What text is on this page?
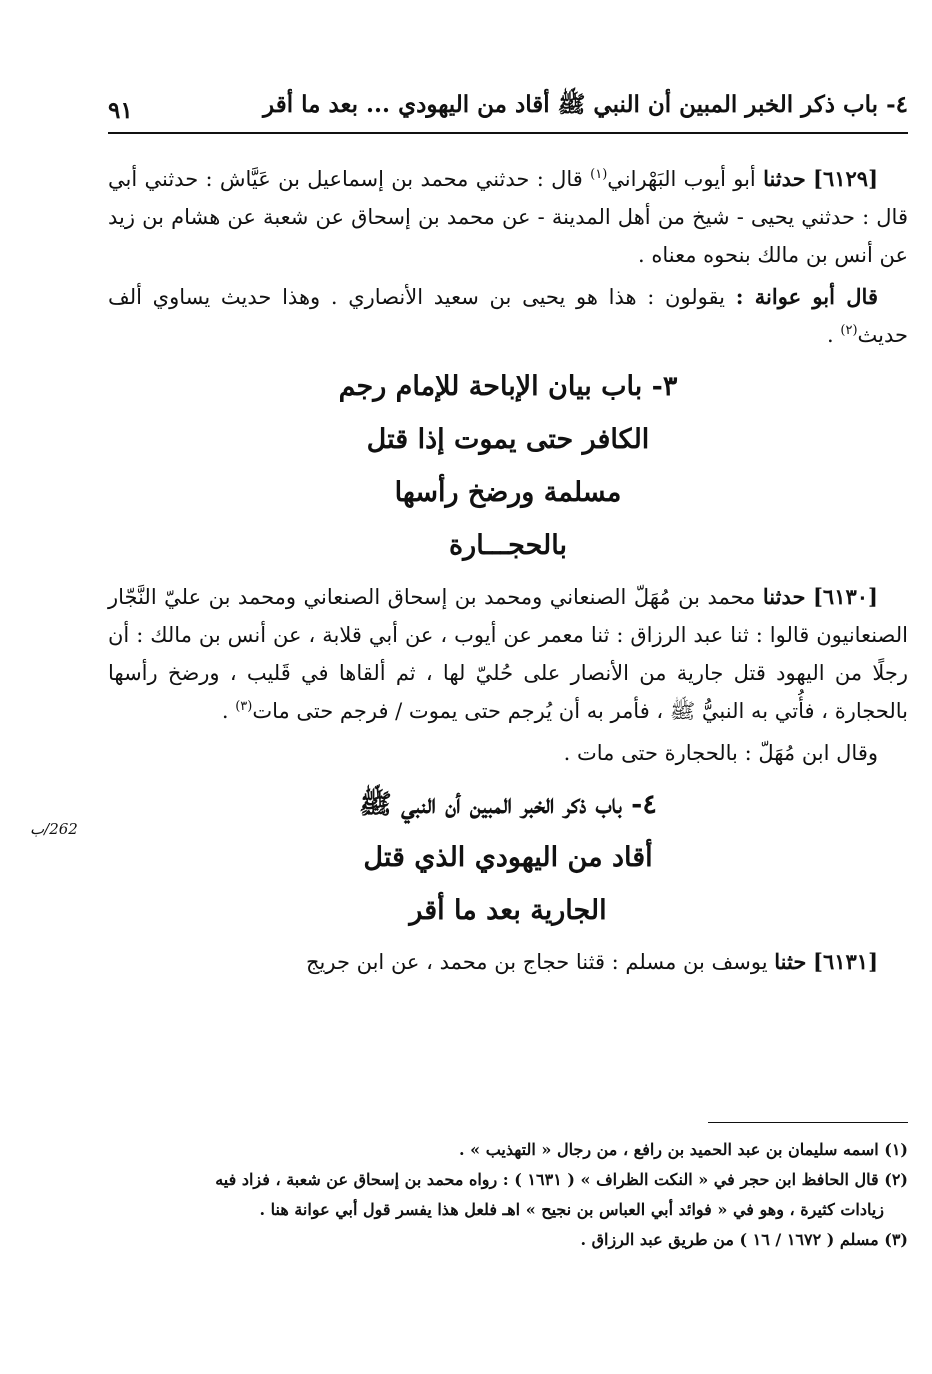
٤- باب ذكر الخبر المبين أن النبي ﷺ أقاد من اليهودي ... بعد ما أقر
٩١
262/ب

[٦١٢٩] حدثنا أبو أيوب البَهْراني$^{(١)}$ قال : حدثني محمد بن إسماعيل بن عَيَّاش : حدثني أبي قال : حدثني يحيى - شيخ من أهل المدينة - عن محمد بن إسحاق عن شعبة عن هشام بن زيد عن أنس بن مالك بنحوه معناه .

قال أبو عوانة : يقولون : هذا هو يحيى بن سعيد الأنصاري . وهذا حديث يساوي ألف حديث$^{(٢)}$ .

٣- باب بيان الإباحة للإمام رجم
الكافر حتى يموت إذا قتل
مسلمة ورضخ رأسها
بالحجـــارة

[٦١٣٠] حدثنا محمد بن مُهَلّ الصنعاني ومحمد بن إسحاق الصنعاني ومحمد بن عليّ النَّجّار الصنعانيون قالوا : ثنا عبد الرزاق : ثنا معمر عن أيوب ، عن أبي قلابة ، عن أنس بن مالك : أن رجلًا من اليهود قتل جارية من الأنصار على حُليّ لها ، ثم ألقاها في قَليب ، ورضخ رأسها بالحجارة ، فأُتي به النبيُّ ﷺ ، فأمر به أن يُرجم حتى يموت / فرجم حتى مات$^{(٣)}$ .

وقال ابن مُهَلّ : بالحجارة حتى مات .

٤- باب ذكر الخبر المبين أن النبي ﷺ
أقاد من اليهودي الذي قتل
الجارية بعد ما أقر

[٦١٣١] حثنا يوسف بن مسلم : قثنا حجاج بن محمد ، عن ابن جريج

(١) اسمه سليمان بن عبد الحميد بن رافع ، من رجال « التهذيب » .

(٢) قال الحافظ ابن حجر في « النكت الظراف » ( ١٦٣١ ) : رواه محمد بن إسحاق عن شعبة ، فزاد فيه

زيادات كثيرة ، وهو في « فوائد أبي العباس بن نجيح » اهـ فلعل هذا يفسر قول أبي عوانة هنا .

(٣) مسلم ( ١٦٧٢ / ١٦ ) من طريق عبد الرزاق .
